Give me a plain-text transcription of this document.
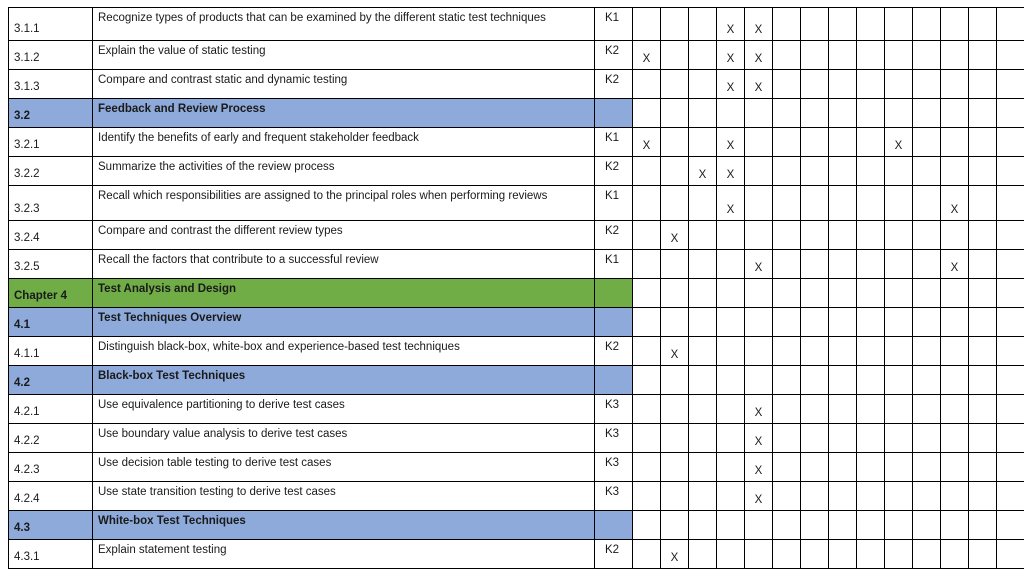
3.1.1	Recognize types of products that can be examined by the different static test techniques	K1				X	X									
3.1.2	Explain the value of static testing	K2	X			X	X									
3.1.3	Compare and contrast static and dynamic testing	K2				X	X									
3.2	Feedback and Review Process															
3.2.1	Identify the benefits of early and frequent stakeholder feedback	K1	X			X						X				
3.2.2	Summarize the activities of the review process	K2			X	X										
3.2.3	Recall which responsibilities are assigned to the principal roles when performing reviews	K1				X								X		
3.2.4	Compare and contrast the different review types	K2		X												
3.2.5	Recall the factors that contribute to a successful review	K1					X							X		
Chapter 4	Test Analysis and Design															
4.1	Test Techniques Overview															
4.1.1	Distinguish black-box, white-box and experience-based test techniques	K2		X												
4.2	Black-box Test Techniques															
4.2.1	Use equivalence partitioning to derive test cases	K3					X									
4.2.2	Use boundary value analysis to derive test cases	K3					X									
4.2.3	Use decision table testing to derive test cases	K3					X									
4.2.4	Use state transition testing to derive test cases	K3					X									
4.3	White-box Test Techniques															
4.3.1	Explain statement testing	K2		X												
